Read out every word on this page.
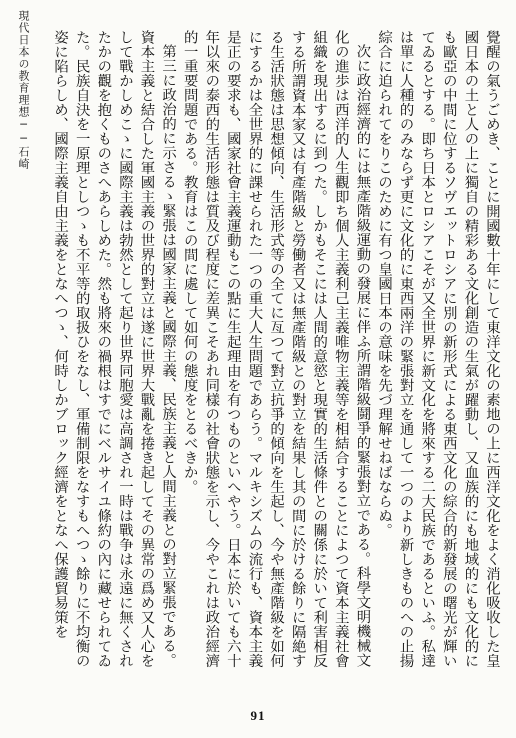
現代日本の教育理想──石崎	覺醒の氣うごめき、ことに開國數十年にして東洋文化の素地の上に西洋文化をよく消化吸收した皇國日本の土と人の上に獨自の精彩ある文化創造の生氣が躍動し、又血族的にも地域的にも文化的にも歐亞の中間に位するソヴエットロシアに別の新形式による東西文化の綜合的新發展の曙光が輝いてゐるとする。即ち日本とロシアこそが又全世界に新文化を將來する二大民族であるといふ。私達は單に人種的のみならず更に文化的に東西兩洋の緊張對立を通して一つのより新しきものへの止揚綜合に迫られてをりこのために有つ皇國日本の意味を先づ理解せねばならぬ。

次に政治經濟的には無產階級運動の發展に伴ふ所謂階級鬪爭的緊張對立である。科學文明機械文化の進歩は西洋的人生觀即ち個人主義利己主義唯物主義等を相結合することによつて資本主義社會組織を現出するに到つた。しかもそこには人間的意慾と現實的生活條件との關係に於いて利害相反する所謂資本家又は有產階級と勞働者又は無產階級との對立を結果し其の間に於ける餘りに隔絶する生活狀態は思想傾向、生活形式等の全てに亙つて對立抗爭的傾向を生起し、今や無產階級を如何にするかは全世界的に課せられた一つの重大人生問題であらう。マルキシズムの流行も、資本主義是正の要求も、國家社會主義運動もこの點に生起理由を有つものといへやう。日本に於いても六十年以來の泰西的生活形態は質及び程度に差異こそあれ同樣の社會狀態を示し、今やこれは政治經濟的一重要問題である。教育はこの間に處して如何の態度をとるべきか。

第三に政治的に示さるゝ緊張は國家主義と國際主義、民族主義と人間主義との對立緊張である。資本主義と結合した軍國主義の世界的對立は遂に世界大戰亂を捲き起してその異常の爲め又人心をして戰かしめこゝに國際主義は勃然として起り世界同胞愛は高調され一時は戰争は永遠に無くされたかの觀を抱くものさへあらしめた。然も將來の禍根はすでにベルサイユ條約の內に藏せられてゐた。民族自決を一原理としつゝも不平等的取扱ひをなし、軍備制限をなすもへつゝ餘りに不均衡の姿に陷らしめ、國際主義自由主義をとなへつゝ、何時しかブロック經濟をとなへ保護貿易策を

91
